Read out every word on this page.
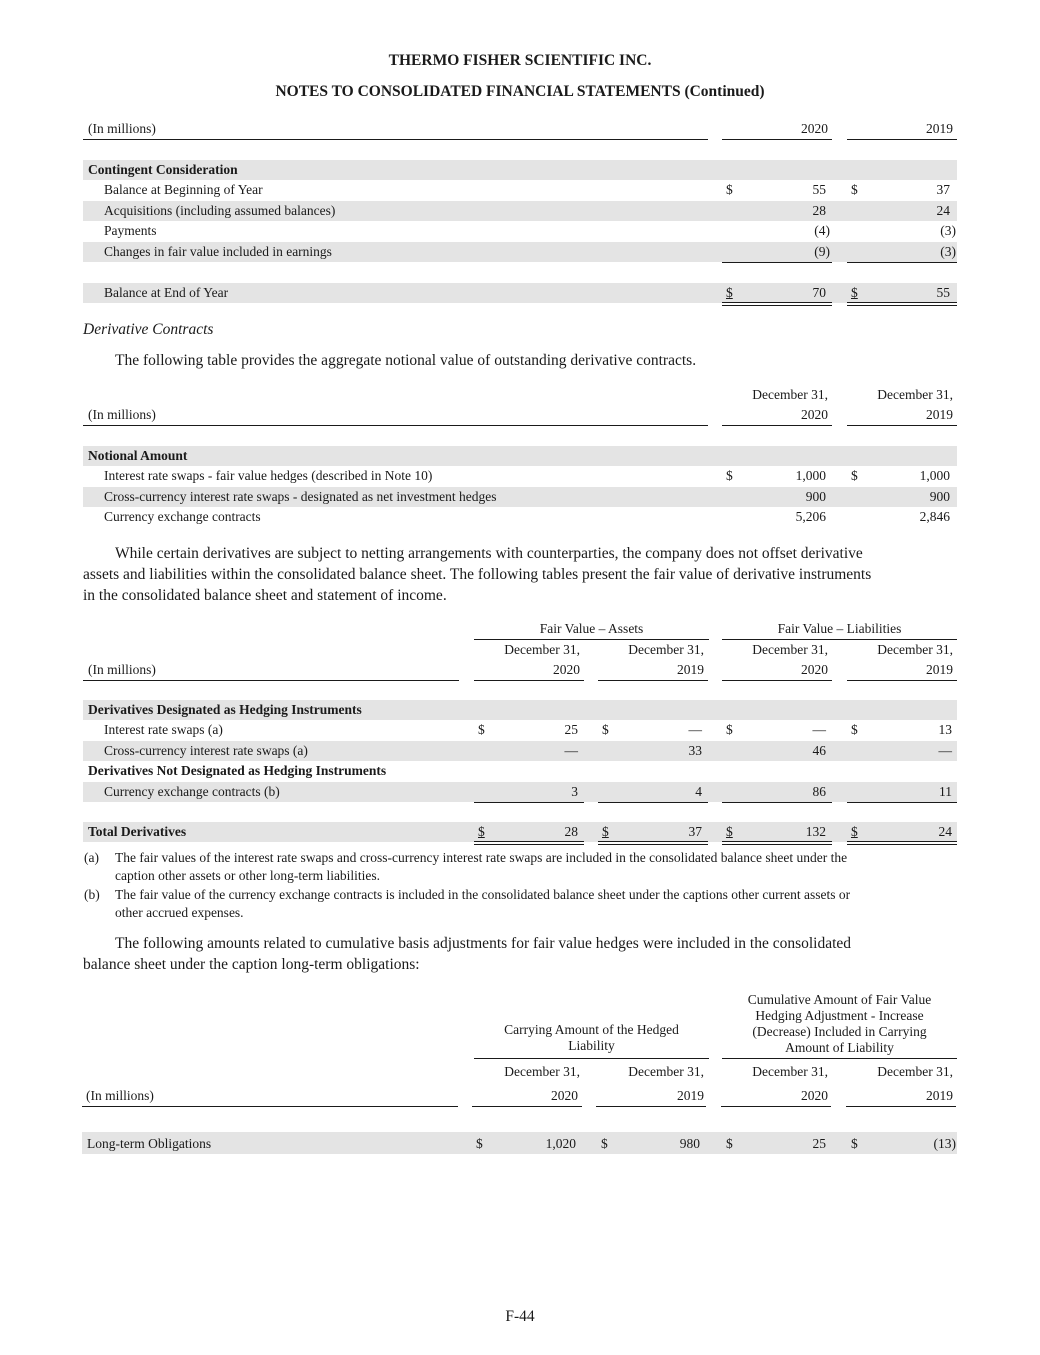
THERMO FISHER SCIENTIFIC INC.
NOTES TO CONSOLIDATED FINANCIAL STATEMENTS (Continued)
(In millions)	2020	2019
Contingent Consideration
Balance at Beginning of Year	$	55 $	37
Acquisitions (including assumed balances)	28	24
Payments	(4)	(3)
Changes in fair value included in earnings	(9)	(3)
Balance at End of Year	$	70 $	55
Derivative Contracts
The following table provides the aggregate notional value of outstanding derivative contracts.
December 31,	December 31,
(In millions)	2020	2019
Notional Amount
Interest rate swaps - fair value hedges (described in Note 10)	$	1,000 $	1,000
Cross-currency interest rate swaps - designated as net investment hedges	900	900
Currency exchange contracts	5,206	2,846
While certain derivatives are subject to netting arrangements with counterparties, the company does not offset derivative
assets and liabilities within the consolidated balance sheet. The following tables present the fair value of derivative instruments
in the consolidated balance sheet and statement of income.
Fair Value – Assets	Fair Value – Liabilities
December 31,	December 31,	December 31,	December 31,
(In millions)	2020	2019	2020	2019
Derivatives Designated as Hedging Instruments
Interest rate swaps (a)	$	25 $	— $	— $	13
Cross-currency interest rate swaps (a)	—	33	46	—
Derivatives Not Designated as Hedging Instruments
Currency exchange contracts (b)	3	4	86	11
Total Derivatives	$	28 $	37 $	132 $	24
(a) The fair values of the interest rate swaps and cross-currency interest rate swaps are included in the consolidated balance sheet under the
caption other assets or other long-term liabilities.
(b) The fair value of the currency exchange contracts is included in the consolidated balance sheet under the captions other current assets or
other accrued expenses.
The following amounts related to cumulative basis adjustments for fair value hedges were included in the consolidated
balance sheet under the caption long-term obligations:
Carrying Amount of the Hedged
Liability
Cumulative Amount of Fair Value
Hedging Adjustment - Increase
(Decrease) Included in Carrying
Amount of Liability
December 31,	December 31,	December 31,	December 31,
(In millions)	2020	2019	2020	2019
Long-term Obligations	$	1,020 $	980 $	25 $	(13)
F-44
